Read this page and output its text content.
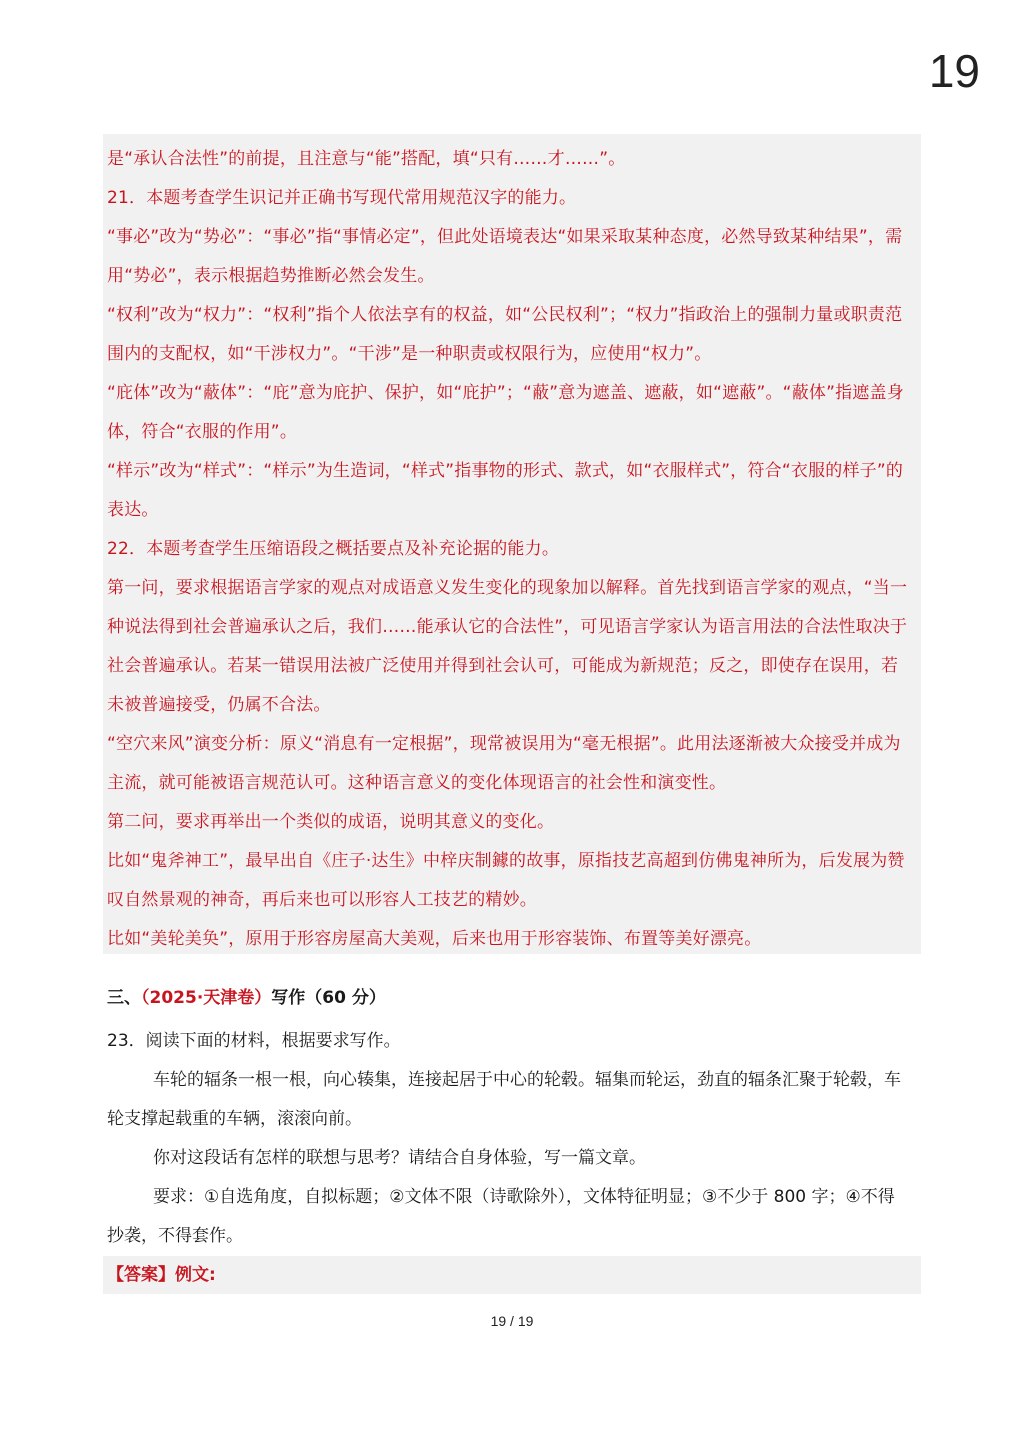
19

是“承认合法性”的前提，且注意与“能”搭配，填“只有……才……”。

21．本题考查学生识记并正确书写现代常用规范汉字的能力。

“事必”改为“势必”：“事必”指“事情必定”，但此处语境表达“如果采取某种态度，必然导致某种结果”，需

用“势必”，表示根据趋势推断必然会发生。

“权利”改为“权力”：“权利”指个人依法享有的权益，如“公民权利”；“权力”指政治上的强制力量或职责范

围内的支配权，如“干涉权力”。“干涉”是一种职责或权限行为，应使用“权力”。

“庇体”改为“蔽体”：“庇”意为庇护、保护，如“庇护”；“蔽”意为遮盖、遮蔽，如“遮蔽”。“蔽体”指遮盖身

体，符合“衣服的作用”。

“样示”改为“样式”：“样示”为生造词，“样式”指事物的形式、款式，如“衣服样式”，符合“衣服的样子”的

表达。

22．本题考查学生压缩语段之概括要点及补充论据的能力。

第一问，要求根据语言学家的观点对成语意义发生变化的现象加以解释。首先找到语言学家的观点，“当一

种说法得到社会普遍承认之后，我们……能承认它的合法性”，可见语言学家认为语言用法的合法性取决于

社会普遍承认。若某一错误用法被广泛使用并得到社会认可，可能成为新规范；反之，即使存在误用，若

未被普遍接受，仍属不合法。

“空穴来风”演变分析：原义“消息有一定根据”，现常被误用为“毫无根据”。此用法逐渐被大众接受并成为

主流，就可能被语言规范认可。这种语言意义的变化体现语言的社会性和演变性。

第二问，要求再举出一个类似的成语，说明其意义的变化。

比如“鬼斧神工”，最早出自《庄子·达生》中梓庆制鐻的故事，原指技艺高超到仿佛鬼神所为，后发展为赞

叹自然景观的神奇，再后来也可以形容人工技艺的精妙。

比如“美轮美奂”，原用于形容房屋高大美观，后来也用于形容装饰、布置等美好漂亮。

三、（2025·天津卷）写作（60 分）

23．阅读下面的材料，根据要求写作。

车轮的辐条一根一根，向心辏集，连接起居于中心的轮毂。辐集而轮运，劲直的辐条汇聚于轮毂，车

轮支撑起载重的车辆，滚滚向前。

你对这段话有怎样的联想与思考？请结合自身体验，写一篇文章。

要求：①自选角度，自拟标题；②文体不限（诗歌除外），文体特征明显；③不少于 800 字；④不得

抄袭，不得套作。

【答案】例文:
19 / 19
